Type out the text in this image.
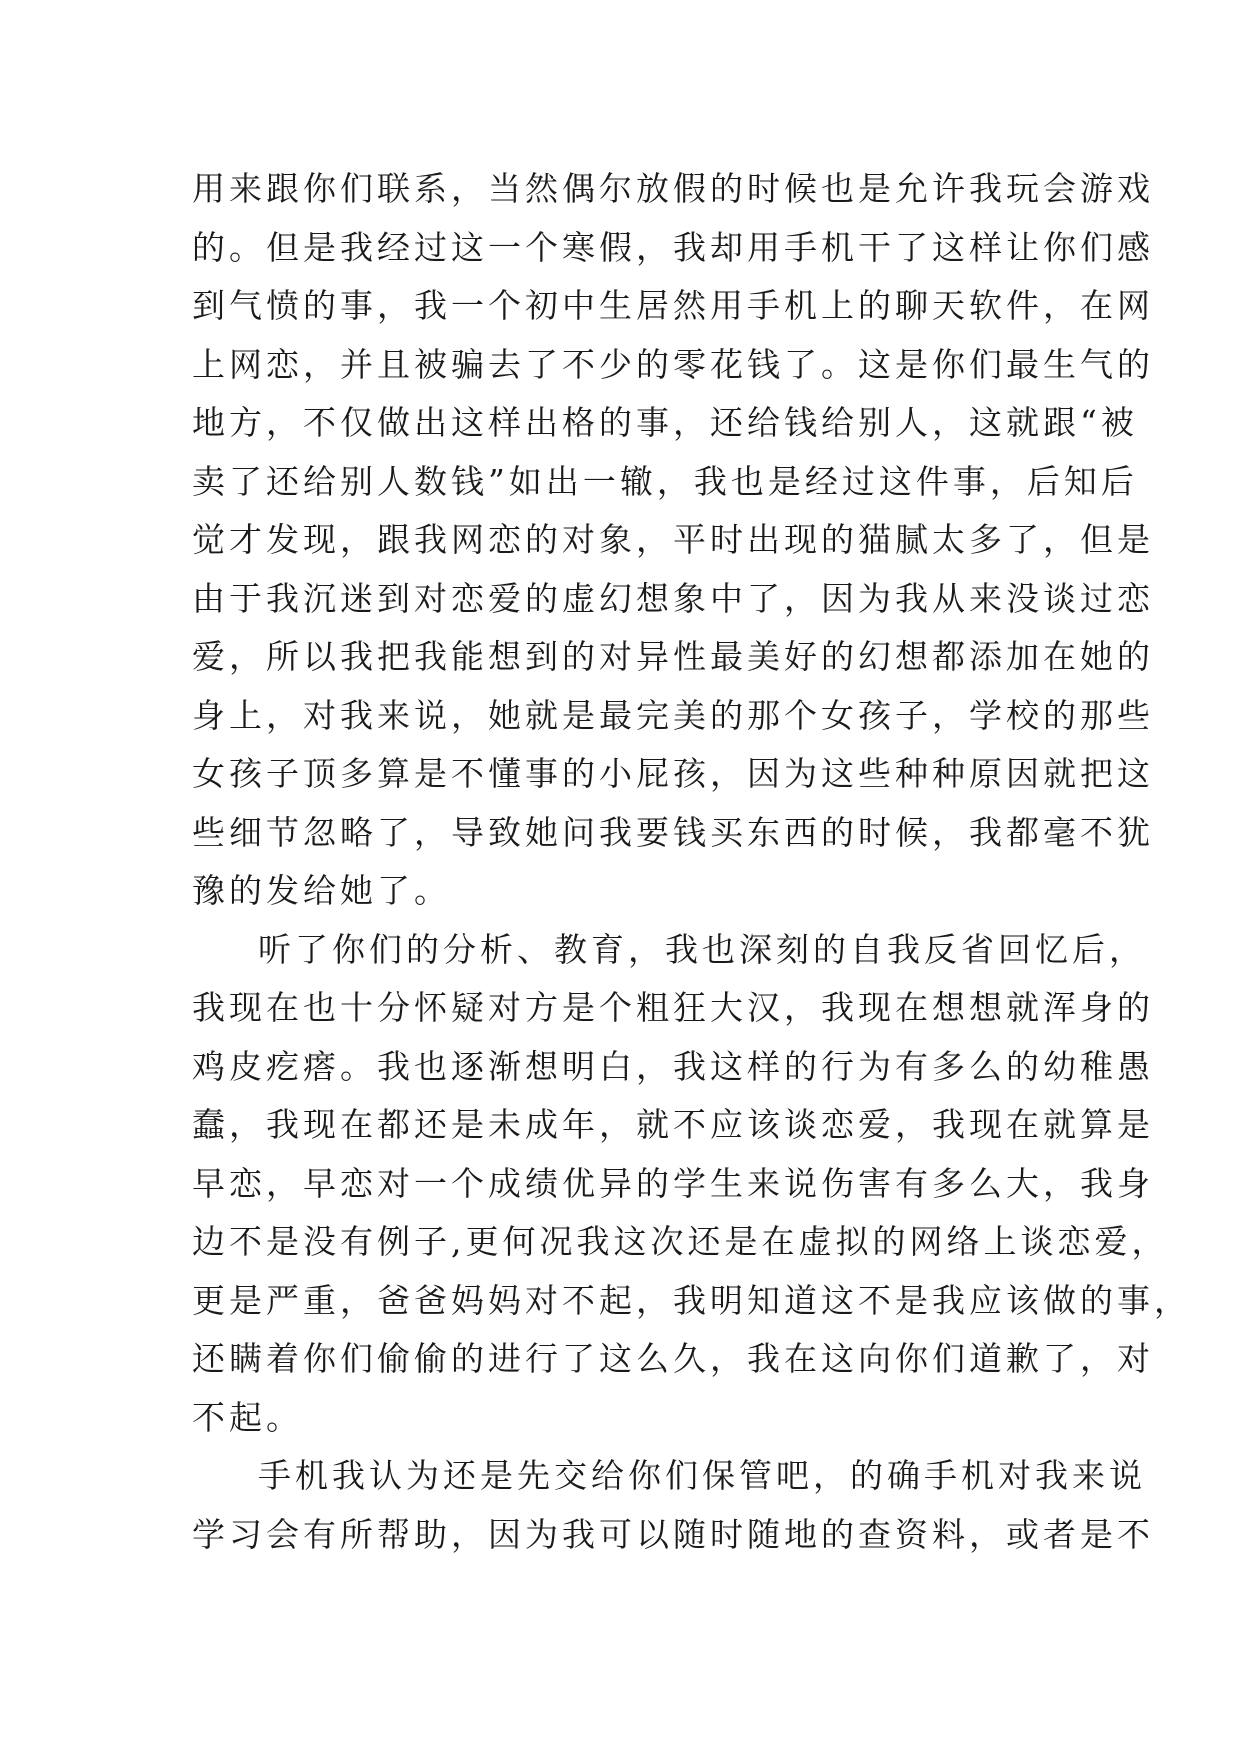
用来跟你们联系，当然偶尔放假的时候也是允许我玩会游戏
的。但是我经过这一个寒假，我却用手机干了这样让你们感
到气愤的事，我一个初中生居然用手机上的聊天软件，在网
上网恋，并且被骗去了不少的零花钱了。这是你们最生气的
地方，不仅做出这样出格的事，还给钱给别人，这就跟“被
卖了还给别人数钱”如出一辙，我也是经过这件事，后知后
觉才发现，跟我网恋的对象，平时出现的猫腻太多了，但是
由于我沉迷到对恋爱的虚幻想象中了，因为我从来没谈过恋
爱，所以我把我能想到的对异性最美好的幻想都添加在她的
身上，对我来说，她就是最完美的那个女孩子，学校的那些
女孩子顶多算是不懂事的小屁孩，因为这些种种原因就把这
些细节忽略了，导致她问我要钱买东西的时候，我都毫不犹
豫的发给她了。
听了你们的分析、教育，我也深刻的自我反省回忆后，
我现在也十分怀疑对方是个粗狂大汉，我现在想想就浑身的
鸡皮疙瘩。我也逐渐想明白，我这样的行为有多么的幼稚愚
蠢，我现在都还是未成年，就不应该谈恋爱，我现在就算是
早恋，早恋对一个成绩优异的学生来说伤害有多么大，我身
边不是没有例子,更何况我这次还是在虚拟的网络上谈恋爱，
更是严重，爸爸妈妈对不起，我明知道这不是我应该做的事，
还瞒着你们偷偷的进行了这么久，我在这向你们道歉了，对
不起。
手机我认为还是先交给你们保管吧，的确手机对我来说
学习会有所帮助，因为我可以随时随地的查资料，或者是不
